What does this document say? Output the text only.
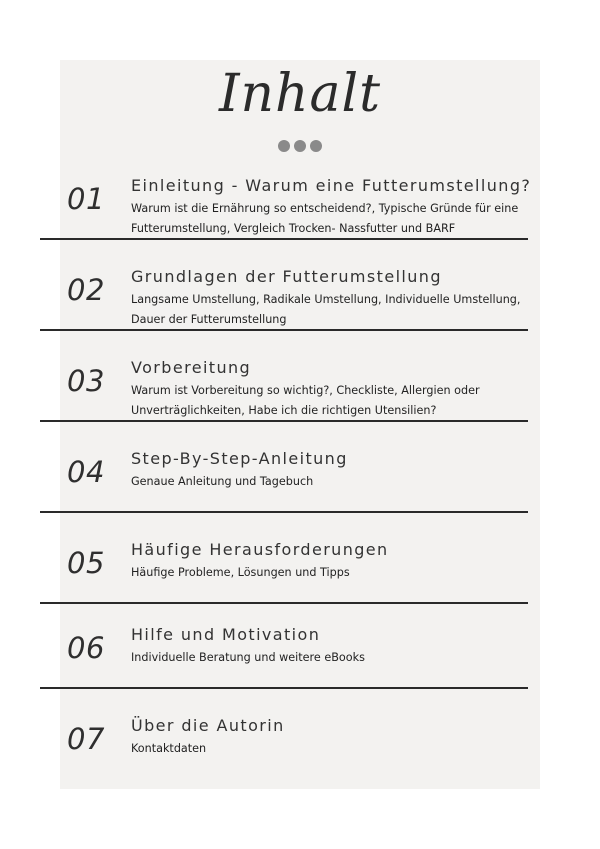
Inhalt
01 Einleitung - Warum eine Futterumstellung?
Warum ist die Ernährung so entscheidend?, Typische Gründe für eine Futterumstellung, Vergleich Trocken- Nassfutter und BARF
02 Grundlagen der Futterumstellung
Langsame Umstellung, Radikale Umstellung, Individuelle Umstellung, Dauer der Futterumstellung
03 Vorbereitung
Warum ist Vorbereitung so wichtig?, Checkliste, Allergien oder Unverträglichkeiten, Habe ich die richtigen Utensilien?
04 Step-By-Step-Anleitung
Genaue Anleitung und Tagebuch
05 Häufige Herausforderungen
Häufige Probleme, Lösungen und Tipps
06 Hilfe und Motivation
Individuelle Beratung und weitere eBooks
07 Über die Autorin
Kontaktdaten
